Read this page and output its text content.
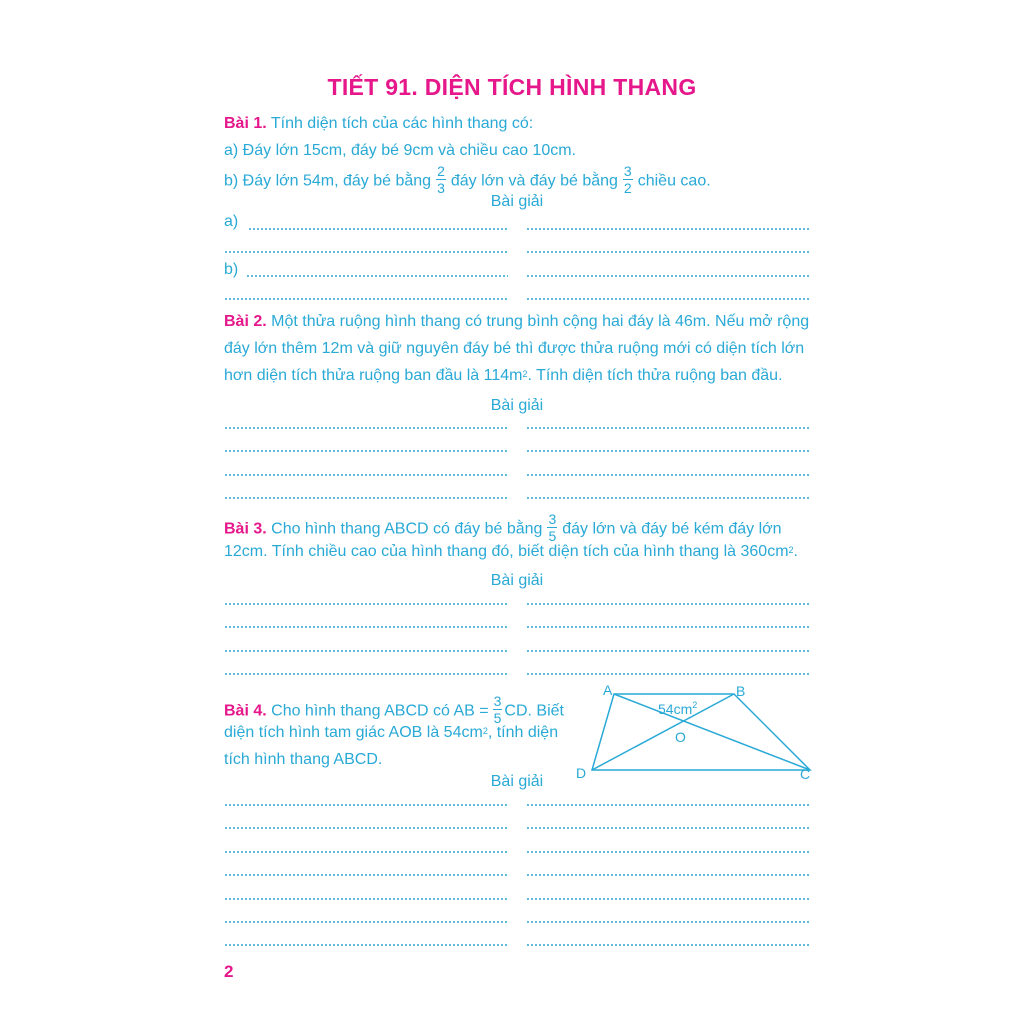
TIẾT 91. DIỆN TÍCH HÌNH THANG
Bài 1. Tính diện tích của các hình thang có:
a) Đáy lớn 15cm, đáy bé 9cm và chiều cao 10cm.
b) Đáy lớn 54m, đáy bé bằng $\frac{2}{3}$ đáy lớn và đáy bé bằng $\frac{3}{2}$ chiều cao.
Bài giải
a)
b)
Bài 2. Một thửa ruộng hình thang có trung bình cộng hai đáy là 46m. Nếu mở rộng
đáy lớn thêm 12m và giữ nguyên đáy bé thì được thửa ruộng mới có diện tích lớn
hơn diện tích thửa ruộng ban đầu là $114m^2$. Tính diện tích thửa ruộng ban đầu.
Bài giải
Bài 3. Cho hình thang ABCD có đáy bé bằng $\frac{3}{5}$ đáy lớn và đáy bé kém đáy lớn
12cm. Tính chiều cao của hình thang đó, biết diện tích của hình thang là $360cm^2$.
Bài giải
Bài 4. Cho hình thang ABCD có AB = $\frac{3}{5}$ CD. Biết
diện tích hình tam giác AOB là $54cm^2$, tính diện
tích hình thang ABCD.
A	B
C
D
O
$54cm^2$
Bài giải
2
